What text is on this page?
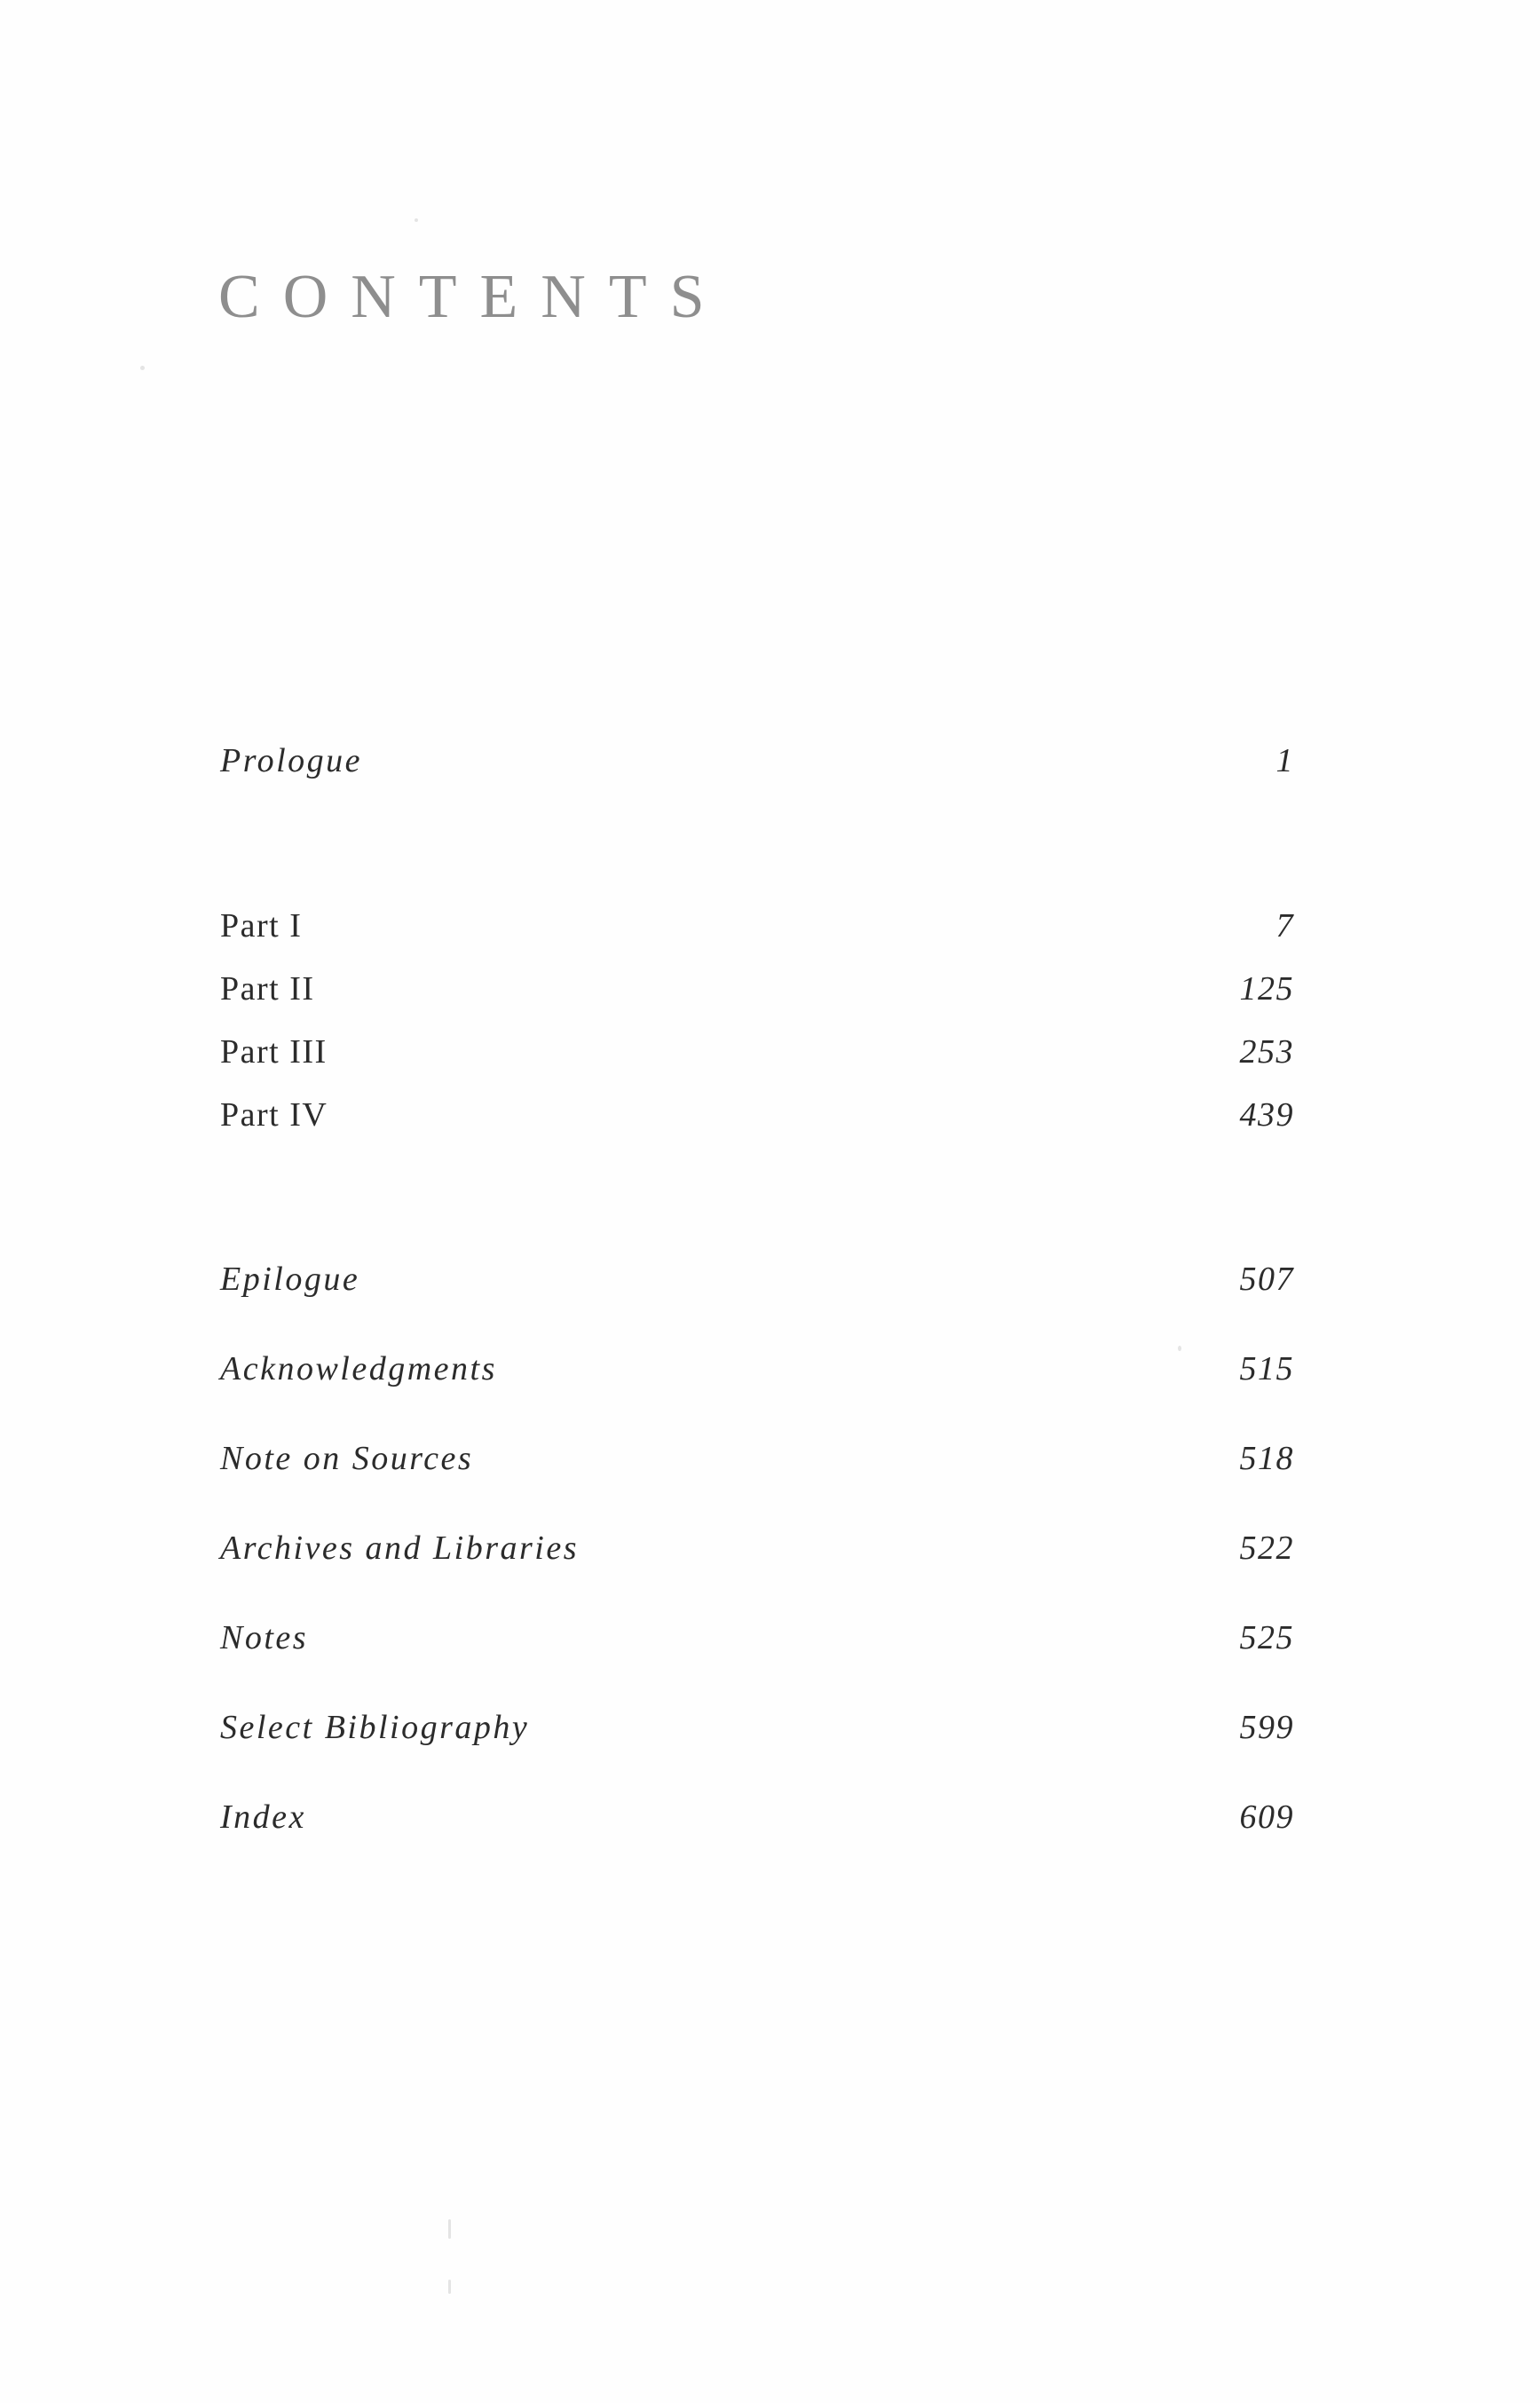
CONTENTS
Prologue	1
Part I	7
Part II	125
Part III	253
Part IV	439
Epilogue	507
Acknowledgments	515
Note on Sources	518
Archives and Libraries	522
Notes	525
Select Bibliography	599
Index	609
